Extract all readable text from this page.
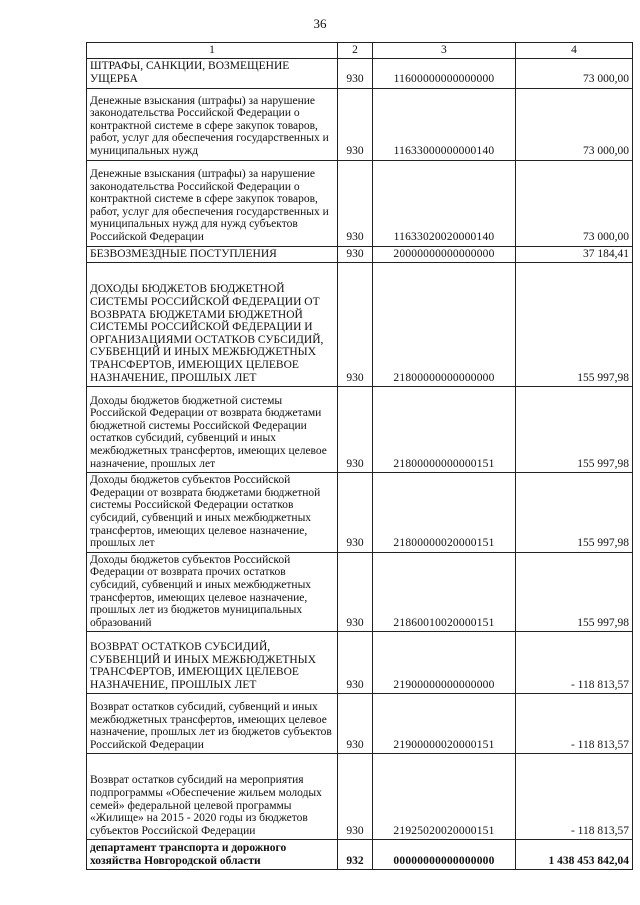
36
1	2	3	4
ШТРАФЫ, САНКЦИИ, ВОЗМЕЩЕНИЕ УЩЕРБА	930	11600000000000000	73 000,00
Денежные взыскания (штрафы) за нарушение законодательства Российской Федерации о контрактной системе в сфере закупок товаров, работ, услуг для обеспечения государственных и муниципальных нужд	930	11633000000000140	73 000,00
Денежные взыскания (штрафы) за нарушение законодательства Российской Федерации о контрактной системе в сфере закупок товаров, работ, услуг для обеспечения государственных и муниципальных нужд для нужд субъектов Российской Федерации	930	11633020020000140	73 000,00
БЕЗВОЗМЕЗДНЫЕ ПОСТУПЛЕНИЯ	930	20000000000000000	37 184,41
ДОХОДЫ БЮДЖЕТОВ БЮДЖЕТНОЙ СИСТЕМЫ РОССИЙСКОЙ ФЕДЕРАЦИИ ОТ ВОЗВРАТА БЮДЖЕТАМИ БЮДЖЕТНОЙ СИСТЕМЫ РОССИЙСКОЙ ФЕДЕРАЦИИ И ОРГАНИЗАЦИЯМИ ОСТАТКОВ СУБСИДИЙ, СУБВЕНЦИЙ И ИНЫХ МЕЖБЮДЖЕТНЫХ ТРАНСФЕРТОВ, ИМЕЮЩИХ ЦЕЛЕВОЕ НАЗНАЧЕНИЕ, ПРОШЛЫХ ЛЕТ	930	21800000000000000	155 997,98
Доходы бюджетов бюджетной системы Российской Федерации от возврата бюджетами бюджетной системы Российской Федерации остатков субсидий, субвенций и иных межбюджетных трансфертов, имеющих целевое назначение, прошлых лет	930	21800000000000151	155 997,98
Доходы бюджетов субъектов Российской Федерации от возврата бюджетами бюджетной системы Российской Федерации остатков субсидий, субвенций и иных межбюджетных трансфертов, имеющих целевое назначение, прошлых лет	930	21800000020000151	155 997,98
Доходы бюджетов субъектов Российской Федерации от возврата прочих остатков субсидий, субвенций и иных межбюджетных трансфертов, имеющих целевое назначение, прошлых лет из бюджетов муниципальных образований	930	21860010020000151	155 997,98
ВОЗВРАТ ОСТАТКОВ СУБСИДИЙ, СУБВЕНЦИЙ И ИНЫХ МЕЖБЮДЖЕТНЫХ ТРАНСФЕРТОВ, ИМЕЮЩИХ ЦЕЛЕВОЕ НАЗНАЧЕНИЕ, ПРОШЛЫХ ЛЕТ	930	21900000000000000	- 118 813,57
Возврат остатков субсидий, субвенций и иных межбюджетных трансфертов, имеющих целевое назначение, прошлых лет из бюджетов субъектов Российской Федерации	930	21900000020000151	- 118 813,57
Возврат остатков субсидий на мероприятия подпрограммы «Обеспечение жильем молодых семей» федеральной целевой программы «Жилище» на 2015 - 2020 годы из бюджетов субъектов Российской Федерации	930	21925020020000151	- 118 813,57
департамент транспорта и дорожного хозяйства Новгородской области	932	00000000000000000	1 438 453 842,04
